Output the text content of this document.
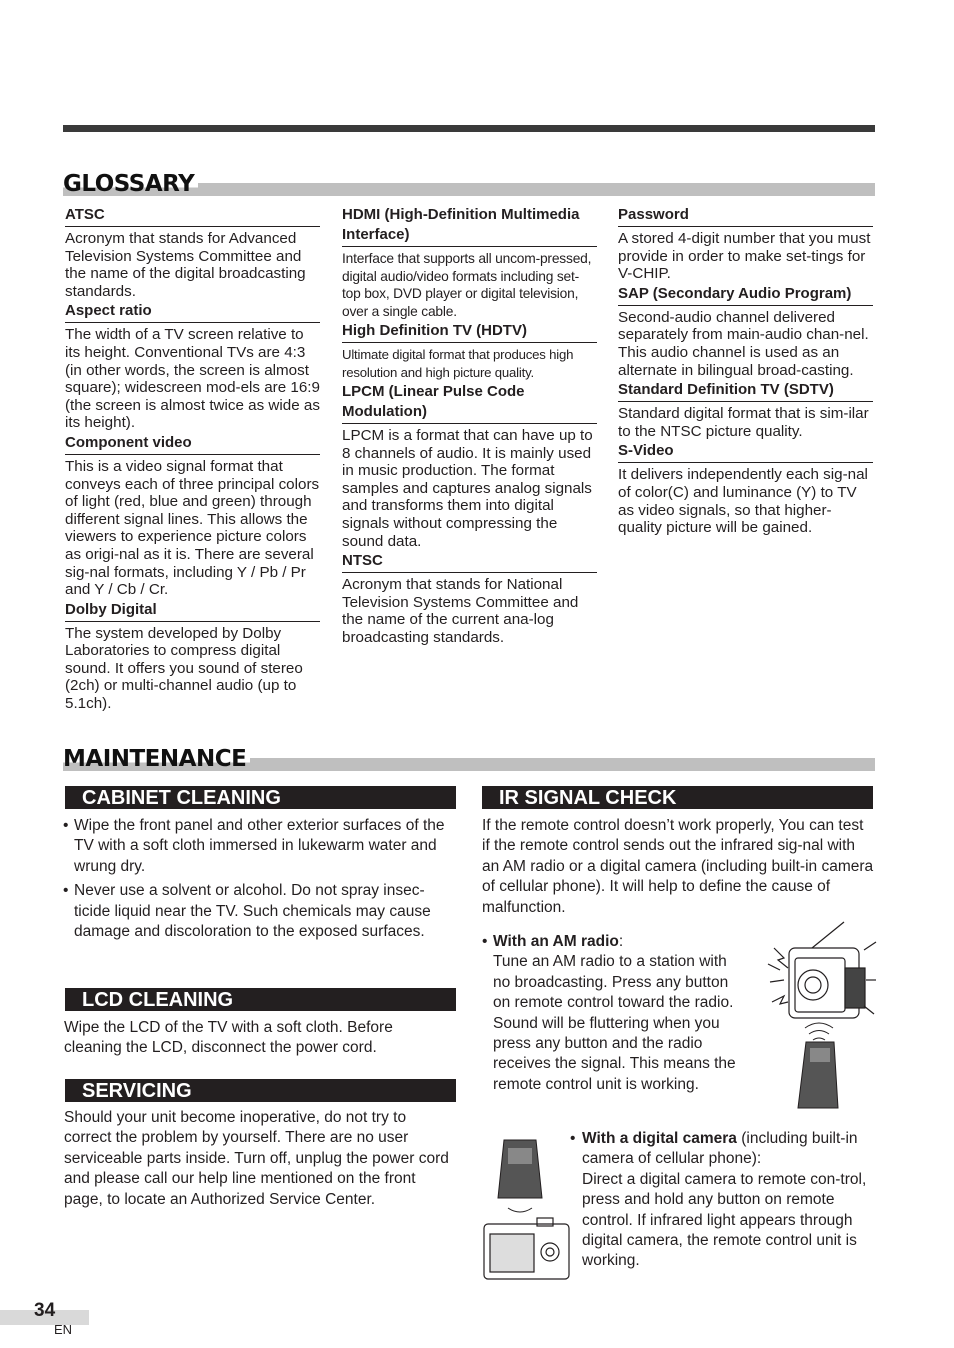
GLOSSARY
ATSC
Acronym that stands for Advanced Television Systems Committee and the name of the digital broadcasting standards.
Aspect ratio
The width of a TV screen relative to its height. Conventional TVs are 4:3 (in other words, the screen is almost square); widescreen mod-els are 16:9 (the screen is almost twice as wide as its height).
Component video
This is a video signal format that conveys each of three principal colors of light (red, blue and green) through different signal lines. This allows the viewers to experience picture colors as origi-nal as it is. There are several sig-nal formats, including Y / Pb / Pr and Y / Cb / Cr.
Dolby Digital
The system developed by Dolby Laboratories to compress digital sound. It offers you sound of stereo (2ch) or multi-channel audio (up to 5.1ch).
HDMI (High-Definition Multimedia Interface)
Interface that supports all uncom-pressed, digital audio/video formats including set-top box, DVD player or digital television, over a single cable.
High Definition TV (HDTV)
Ultimate digital format that produces high resolution and high picture quality.
LPCM (Linear Pulse Code Modulation)
LPCM is a format that can have up to 8 channels of audio. It is mainly used in music production. The format samples and captures analog signals and transforms them into digital signals without compressing the sound data.
NTSC
Acronym that stands for National Television Systems Committee and the name of the current ana-log broadcasting standards.
Password
A stored 4-digit number that you must provide in order to make set-tings for V-CHIP.
SAP (Secondary Audio Program)
Second-audio channel delivered separately from main-audio chan-nel. This audio channel is used as an alternate in bilingual broad-casting.
Standard Definition TV (SDTV)
Standard digital format that is sim-ilar to the NTSC picture quality.
S-Video
It delivers independently each sig-nal of color(C) and luminance (Y) to TV as video signals, so that higher-quality picture will be gained.
MAINTENANCE
CABINET CLEANING
• Wipe the front panel and other exterior surfaces of the TV with a soft cloth immersed in lukewarm water and wrung dry.
• Never use a solvent or alcohol. Do not spray insec-ticide liquid near the TV. Such chemicals may cause damage and discoloration to the exposed surfaces.
LCD CLEANING
Wipe the LCD of the TV with a soft cloth. Before cleaning the LCD, disconnect the power cord.
SERVICING
Should your unit become inoperative, do not try to correct the problem by yourself. There are no user serviceable parts inside. Turn off, unplug the power cord and please call our help line mentioned on the front page, to locate an Authorized Service Center.
IR SIGNAL CHECK
If the remote control doesn’t work properly, You can test if the remote control sends out the infrared sig-nal with an AM radio or a digital camera (including built-in camera of cellular phone). It will help to define the cause of malfunction.
• With an AM radio:
Tune an AM radio to a station with no broadcasting. Press any button on remote control toward the radio. Sound will be fluttering when you press any button and the radio receives the signal. This means the remote control unit is working.
• With a digital camera (including built-in camera of cellular phone):
Direct a digital camera to remote con-trol, press and hold any button on remote control. If infrared light appears through digital camera, the remote control unit is working.
34
EN
